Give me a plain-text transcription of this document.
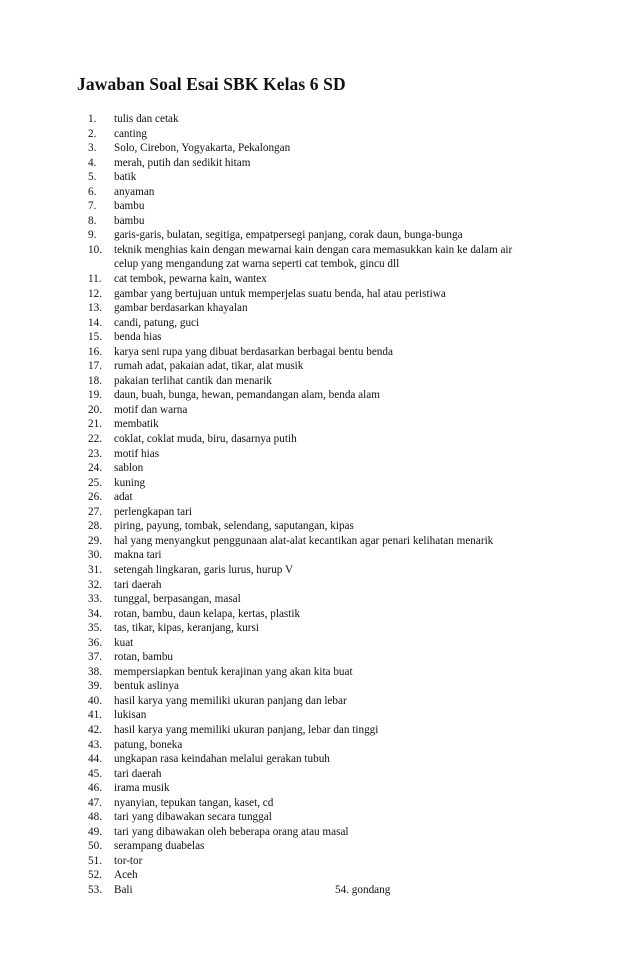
Jawaban Soal Esai SBK Kelas 6 SD
1. tulis dan cetak
2. canting
3. Solo, Cirebon, Yogyakarta, Pekalongan
4. merah, putih dan sedikit hitam
5. batik
6. anyaman
7. bambu
8. bambu
9. garis-garis, bulatan, segitiga, empatpersegi panjang, corak daun, bunga-bunga
10. teknik menghias kain dengan mewarnai kain dengan cara memasukkan kain ke dalam air
celup yang mengandung zat warna seperti cat tembok, gincu dll
11. cat tembok, pewarna kain, wantex
12. gambar yang bertujuan untuk memperjelas suatu benda, hal atau peristiwa
13. gambar berdasarkan khayalan
14. candi, patung, guci
15. benda hias
16. karya seni rupa yang dibuat berdasarkan berbagai bentu benda
17. rumah adat, pakaian adat, tikar, alat musik
18. pakaian terlihat cantik dan menarik
19. daun, buah, bunga, hewan, pemandangan alam, benda alam
20. motif dan warna
21. membatik
22. coklat, coklat muda, biru, dasarnya putih
23. motif hias
24. sablon
25. kuning
26. adat
27. perlengkapan tari
28. piring, payung, tombak, selendang, saputangan, kipas
29. hal yang menyangkut penggunaan alat-alat kecantikan agar penari kelihatan menarik
30. makna tari
31. setengah lingkaran, garis lurus, hurup V
32. tari daerah
33. tunggal, berpasangan, masal
34. rotan, bambu, daun kelapa, kertas, plastik
35. tas, tikar, kipas, keranjang, kursi
36. kuat
37. rotan, bambu
38. mempersiapkan bentuk kerajinan yang akan kita buat
39. bentuk aslinya
40. hasil karya yang memiliki ukuran panjang dan lebar
41. lukisan
42. hasil karya yang memiliki ukuran panjang, lebar dan tinggi
43. patung, boneka
44. ungkapan rasa keindahan melalui gerakan tubuh
45. tari daerah
46. irama musik
47. nyanyian, tepukan tangan, kaset, cd
48. tari yang dibawakan secara tunggal
49. tari yang dibawakan oleh beberapa orang atau masal
50. serampang duabelas
51. tor-tor
52. Aceh
53. Bali	54. gondang
